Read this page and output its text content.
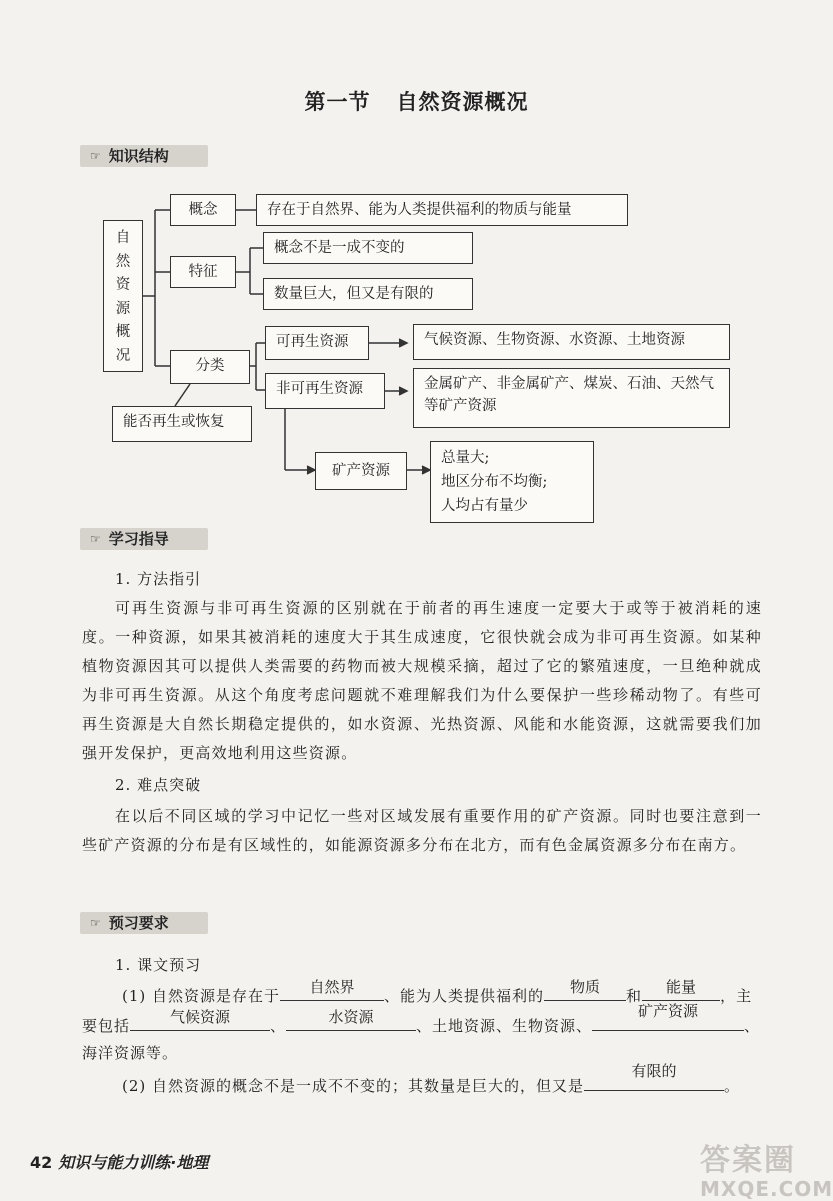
第一节 自然资源概况
☞ 知识结构
自
然
资
源
概
况
概念	存在于自然界、能为人类提供福利的物质与能量
特征
概念不是一成不变的
数量巨大，但又是有限的
分类
能否再生或恢复
可再生资源	气候资源、生物资源、水资源、土地资源
非可再生资源	金属矿产、非金属矿产、煤炭、石油、天然气等矿产资源
矿产资源
总量大;
地区分布不均衡;
人均占有量少
☞ 学习指导
1. 方法指引
可再生资源与非可再生资源的区别就在于前者的再生速度一定要大于或等于被消耗的速度。一种资源，如果其被消耗的速度大于其生成速度，它很快就会成为非可再生资源。如某种植物资源因其可以提供人类需要的药物而被大规模采摘，超过了它的繁殖速度，一旦绝种就成为非可再生资源。从这个角度考虑问题就不难理解我们为什么要保护一些珍稀动物了。有些可再生资源是大自然长期稳定提供的，如水资源、光热资源、风能和水能资源，这就需要我们加强开发保护，更高效地利用这些资源。
2. 难点突破
在以后不同区域的学习中记忆一些对区域发展有重要作用的矿产资源。同时也要注意到一些矿产资源的分布是有区域性的，如能源资源多分布在北方，而有色金属资源多分布在南方。
☞ 预习要求
1. 课文预习
(1) 自然资源是存在于	自然界	、能为人类提供福利的	物质	和	能量	，主
要包括	气候资源	、	水资源	、土地资源、生物资源、
矿产资源
、
海洋资源等。
(2) 自然资源的概念不是一成不不变的；其数量是巨大的，但又是
有限的
。
42 知识与能力训练·地理	答案圈
MXQE.COM
